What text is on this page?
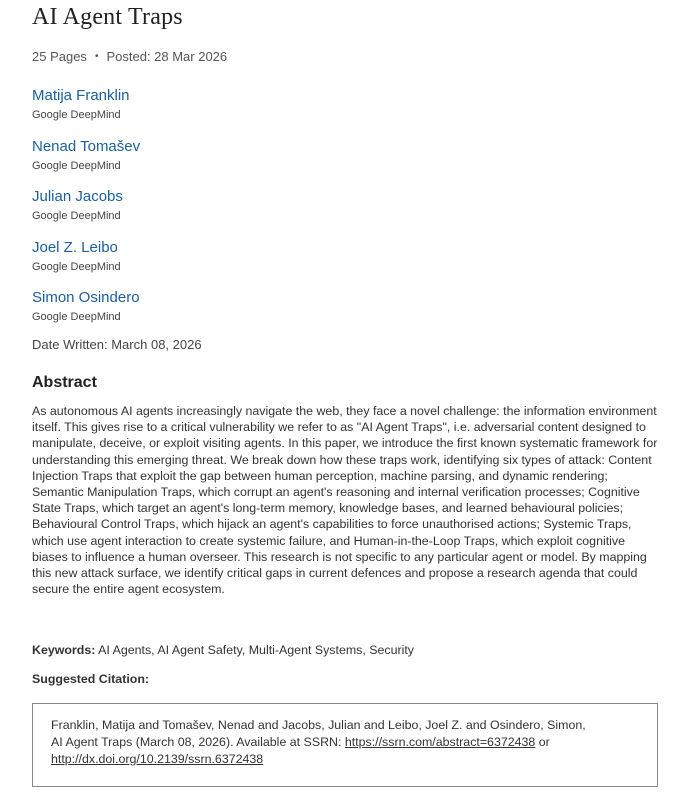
AI Agent Traps
25 Pages • Posted: 28 Mar 2026
Matija Franklin
Google DeepMind
Nenad Tomašev
Google DeepMind
Julian Jacobs
Google DeepMind
Joel Z. Leibo
Google DeepMind
Simon Osindero
Google DeepMind
Date Written: March 08, 2026
Abstract

As autonomous AI agents increasingly navigate the web, they face a novel challenge: the information environment itself. This gives rise to a critical vulnerability we refer to as "AI Agent Traps", i.e. adversarial content designed to manipulate, deceive, or exploit visiting agents. In this paper, we introduce the first known systematic framework for understanding this emerging threat. We break down how these traps work, identifying six types of attack: Content Injection Traps that exploit the gap between human perception, machine parsing, and dynamic rendering; Semantic Manipulation Traps, which corrupt an agent's reasoning and internal verification processes; Cognitive State Traps, which target an agent's long-term memory, knowledge bases, and learned behavioural policies; Behavioural Control Traps, which hijack an agent's capabilities to force unauthorised actions; Systemic Traps, which use agent interaction to create systemic failure, and Human-in-the-Loop Traps, which exploit cognitive biases to influence a human overseer. This research is not specific to any particular agent or model. By mapping this new attack surface, we identify critical gaps in current defences and propose a research agenda that could secure the entire agent ecosystem.

Keywords: AI Agents, AI Agent Safety, Multi-Agent Systems, Security
Suggested Citation:
Franklin, Matija and Tomašev, Nenad and Jacobs, Julian and Leibo, Joel Z. and Osindero, Simon,
AI Agent Traps (March 08, 2026). Available at SSRN: https://ssrn.com/abstract=6372438 or
http://dx.doi.org/10.2139/ssrn.6372438
